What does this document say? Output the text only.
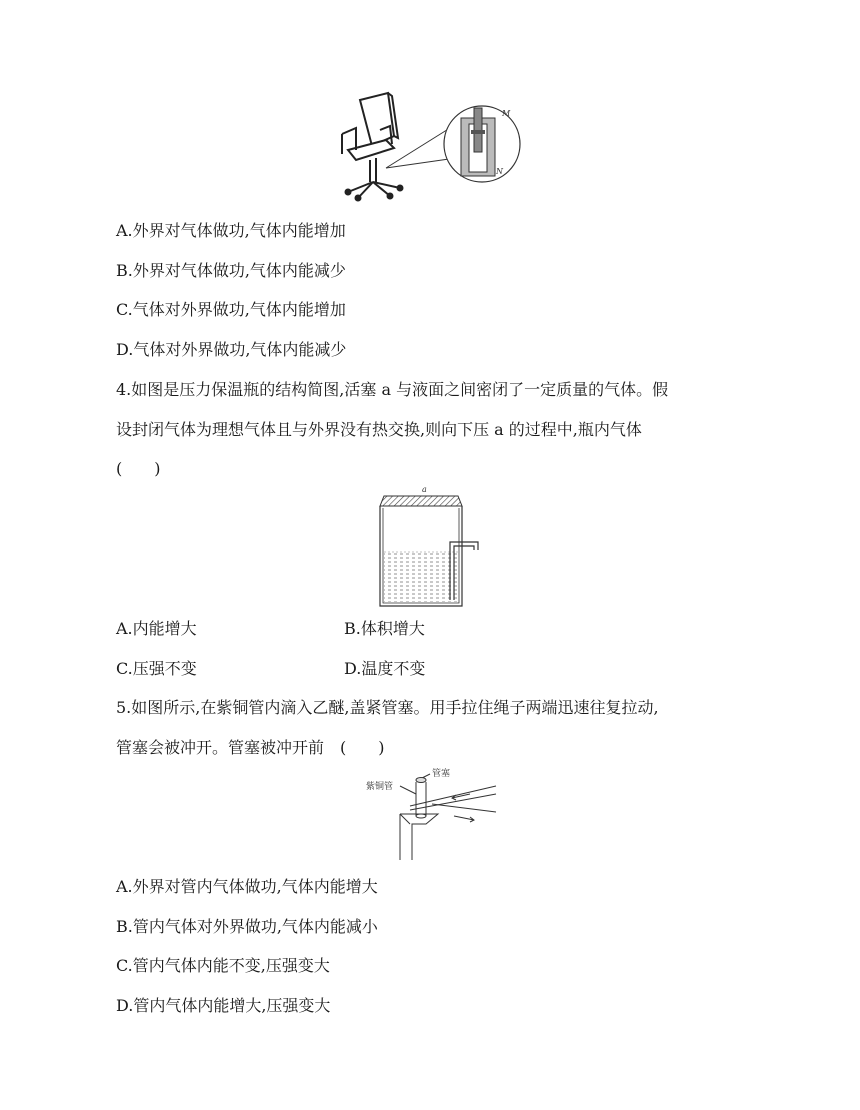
M
N
A.外界对气体做功,气体内能增加
B.外界对气体做功,气体内能减少
C.气体对外界做功,气体内能增加
D.气体对外界做功,气体内能减少
4.如图是压力保温瓶的结构简图,活塞 a 与液面之间密闭了一定质量的气体。假
设封闭气体为理想气体且与外界没有热交换,则向下压 a 的过程中,瓶内气体
(　　)
a
A.内能增大	B.体积增大
C.压强不变	D.温度不变
5.如图所示,在紫铜管内滴入乙醚,盖紧管塞。用手拉住绳子两端迅速往复拉动,
管塞会被冲开。管塞被冲开前　(　　)
紫铜管
管塞
A.外界对管内气体做功,气体内能增大
B.管内气体对外界做功,气体内能减小
C.管内气体内能不变,压强变大
D.管内气体内能增大,压强变大
